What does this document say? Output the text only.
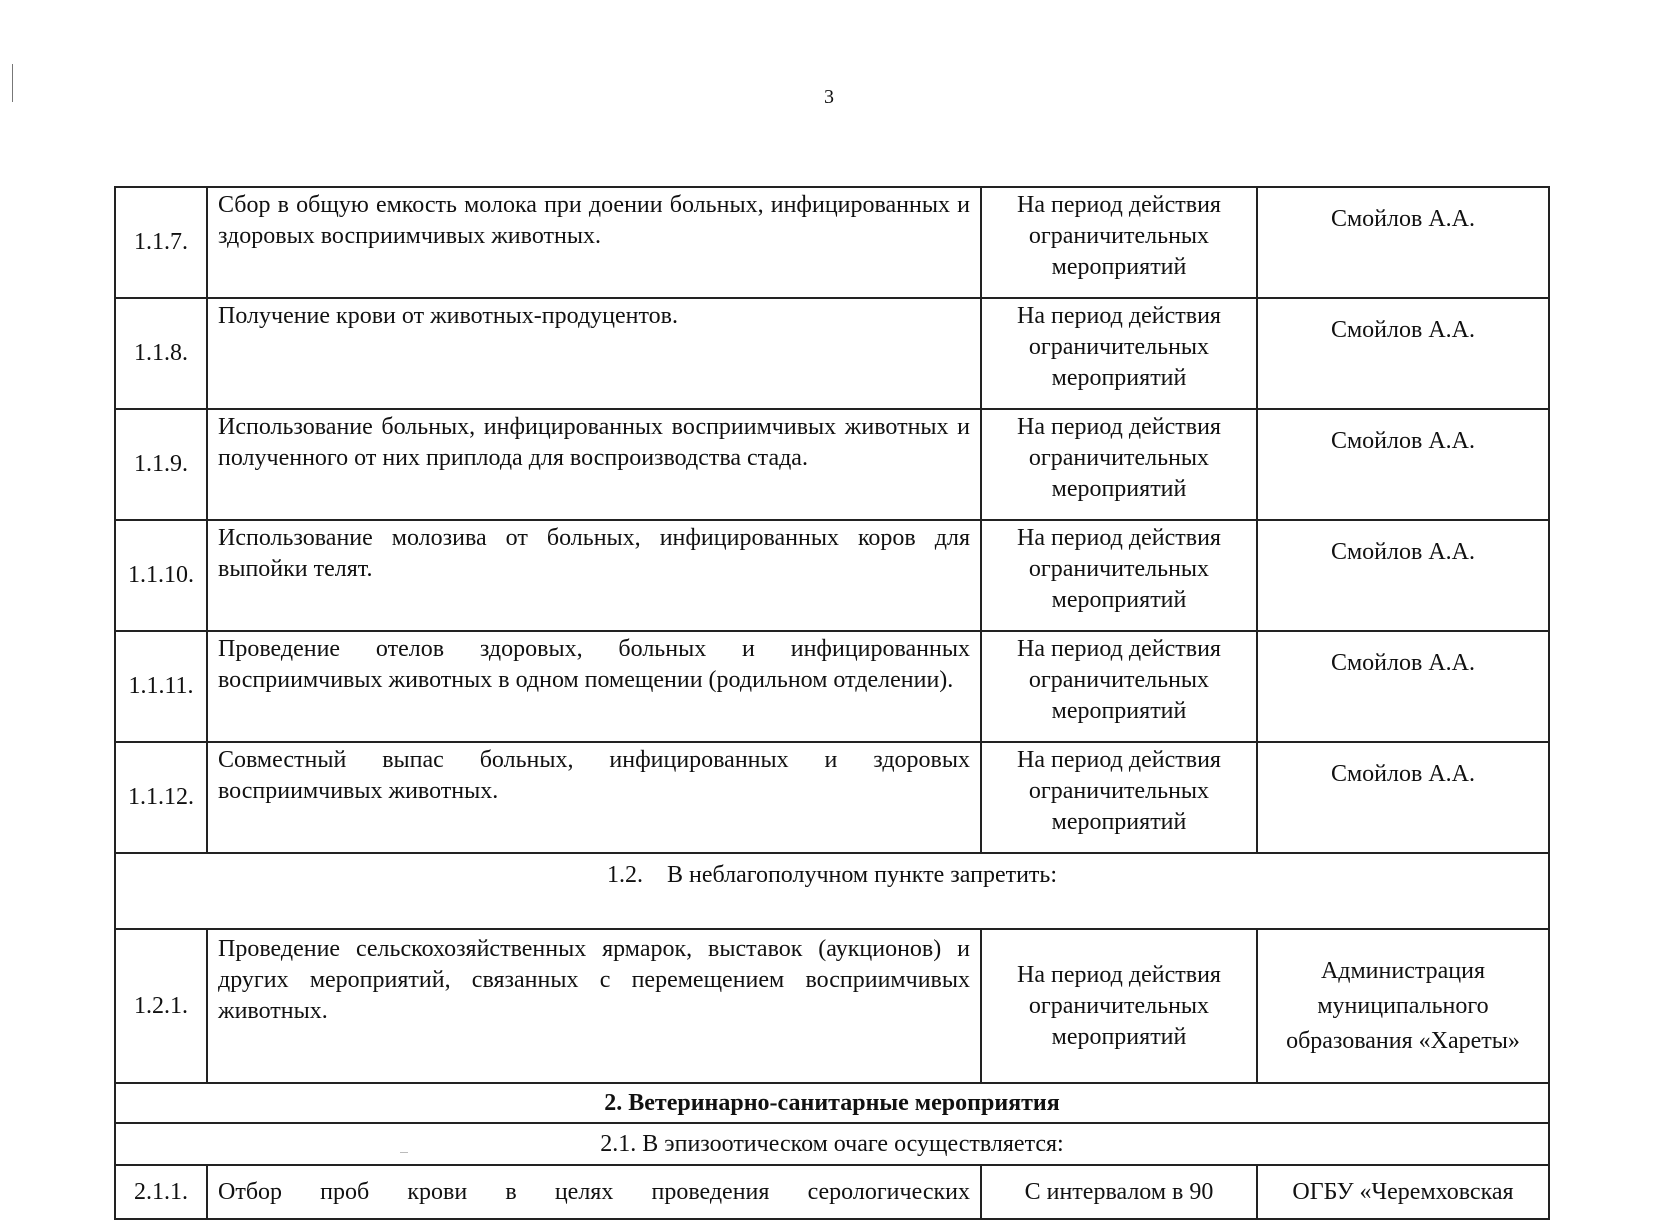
3
1.1.7.	Сбор в общую емкость молока при доении больных, инфицированных и здоровых восприимчивых животных.	На период действия ограничительных мероприятий	Смойлов А.А.
1.1.8.	Получение крови от животных-продуцентов.	На период действия ограничительных мероприятий	Смойлов А.А.
1.1.9.	Использование больных, инфицированных восприимчивых животных и полученного от них приплода для воспроизводства стада.	На период действия ограничительных мероприятий	Смойлов А.А.
1.1.10.	Использование молозива от больных, инфицированных коров для выпойки телят.	На период действия ограничительных мероприятий	Смойлов А.А.
1.1.11.	Проведение отелов здоровых, больных и инфицированных восприимчивых животных в одном помещении (родильном отделении).	На период действия ограничительных мероприятий	Смойлов А.А.
1.1.12.	Совместный выпас больных, инфицированных и здоровых восприимчивых животных.	На период действия ограничительных мероприятий	Смойлов А.А.
1.2.    В неблагополучном пункте запретить:			
1.2.1.	Проведение сельскохозяйственных ярмарок, выставок (аукционов) и других мероприятий, связанных с перемещением восприимчивых животных.	На период действия ограничительных мероприятий	Администрация муниципального образования «Хареты»
2. Ветеринарно-санитарные мероприятия			
2.1. В эпизоотическом очаге осуществляется:			
2.1.1.	Отбор проб крови в целях проведения серологических	С интервалом в 90	ОГБУ «Черемховская
